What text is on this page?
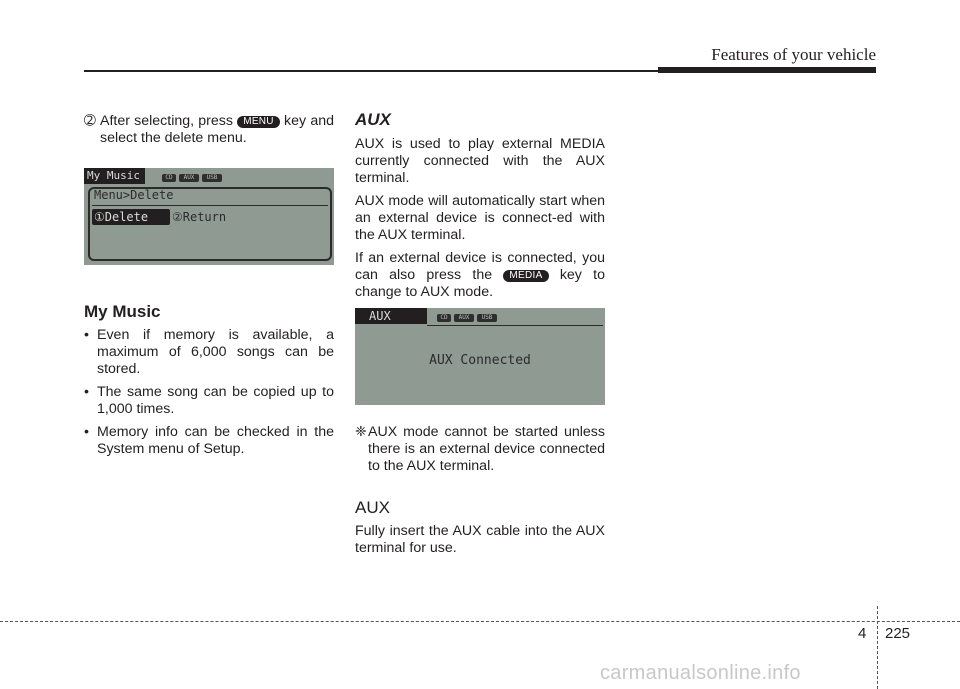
Features of your vehicle
➁ After selecting, press MENU key and select the delete menu.
My Music	CD	AUX	USB
Menu>Delete
①Delete ②Return
My Music
• Even if memory is available, a maximum of 6,000 songs can be stored.
• The same song can be copied up to 1,000 times.
• Memory info can be checked in the System menu of Setup.
AUX

AUX is used to play external MEDIA currently connected with the AUX terminal.

AUX mode will automatically start when an external device is connect-ed with the AUX terminal.

If an external device is connected, you can also press the MEDIA key to change to AUX mode.

AUX	CD	AUX	USB
AUX Connected
❈ AUX mode cannot be started unless there is an external device connected to the AUX terminal.

AUX
Fully insert the AUX cable into the AUX terminal for use.
4 225
carmanualsonline.info
